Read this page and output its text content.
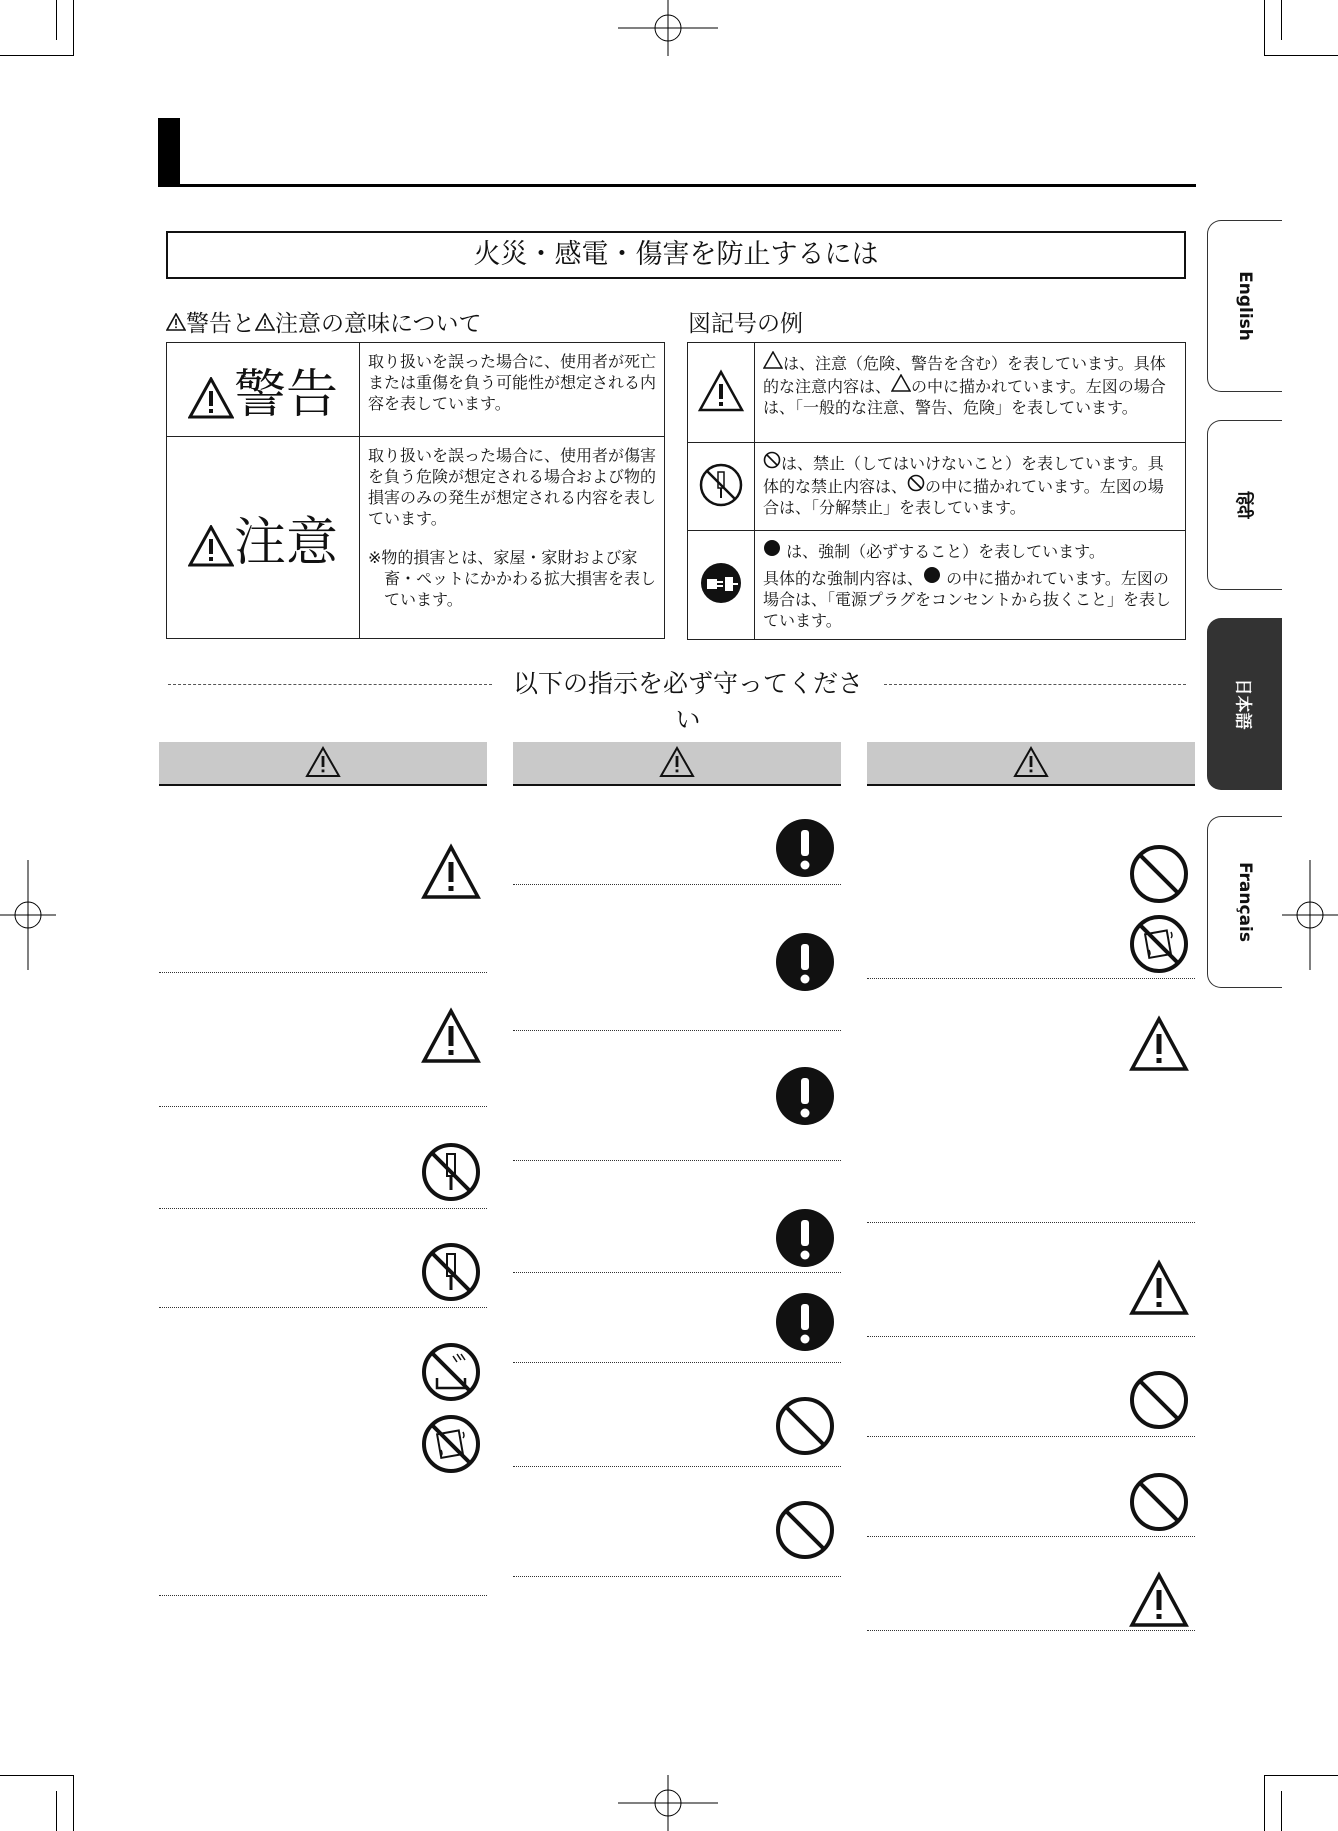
火災・感電・傷害を防止するには
警告と 注意の意味について
警告	取り扱いを誤った場合に、使用者が死亡または重傷を負う可能性が想定される内容を表しています。
注意	取り扱いを誤った場合に、使用者が傷害を負う危険が想定される場合および物的損害のみの発生が想定される内容を表しています。
※物的損害とは、家屋・家財および家畜・ペットにかかわる拡大損害を表しています。
図記号の例
	は、注意（危険、警告を含む）を表しています。具体的な注意内容は、 の中に描かれています。左図の場合は、「一般的な注意、警告、危険」を表しています。
	は、禁止（してはいけないこと）を表しています。具体的な禁止内容は、 の中に描かれています。左図の場合は、「分解禁止」を表しています。

は、強制（必ずすること）を表しています。
具体的な強制内容は、 の中に描かれています。左図の場合は、「電源プラグをコンセントから抜くこと」を表しています。
以下の指示を必ず守ってください
English
हिंदी
日本語
Français
